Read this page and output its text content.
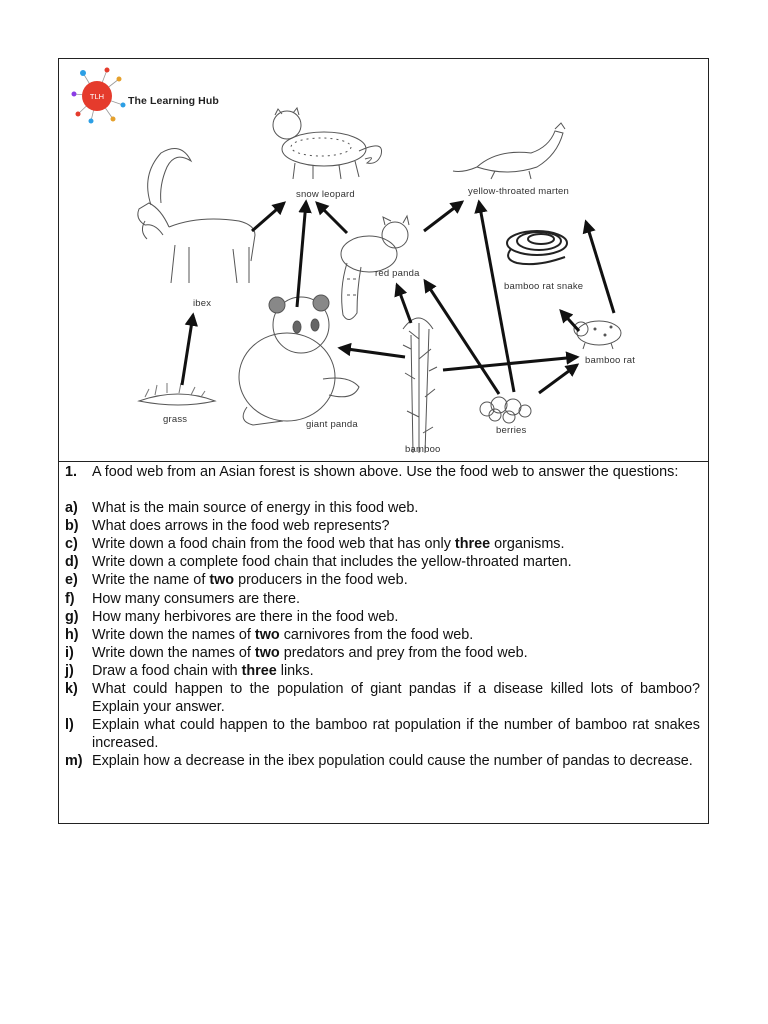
TLH The Learning Hub
snow leopard	yellow-throated marten
ibex
red panda
bamboo rat snake
bamboo rat
giant panda
grass
bamboo
berries
1.	A food web from an Asian forest is shown above. Use the food web to answer the questions:
a) What is the main source of energy in this food web.
b) What does arrows in the food web represents?
c) Write down a food chain from the food web that has only three organisms.
d) Write down a complete food chain that includes the yellow-throated marten.
e) Write the name of two producers in the food web.
f)	How many consumers are there.
g) How many herbivores are there in the food web.
h) Write down the names of two carnivores from the food web.
i)	Write down the names of two predators and prey from the food web.
j)	Draw a food chain with three links.
k) What could happen to the population of giant pandas if a disease killed lots of bamboo? Explain your answer.
l)	Explain what could happen to the bamboo rat population if the number of bamboo rat snakes increased.
m) Explain how a decrease in the ibex population could cause the number of pandas to decrease.
